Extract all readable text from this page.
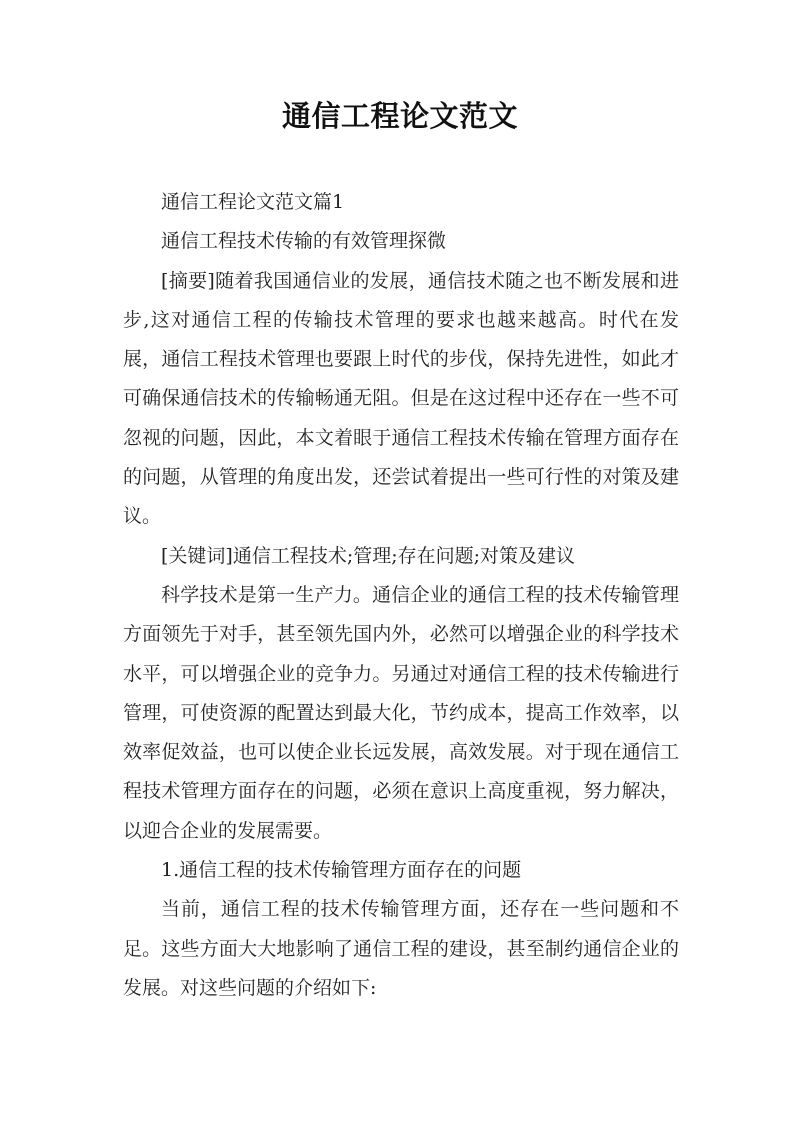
通信工程论文范文

通信工程论文范文篇1

通信工程技术传输的有效管理探微

[摘要]随着我国通信业的发展，通信技术随之也不断发展和进步,这对通信工程的传输技术管理的要求也越来越高。时代在发展，通信工程技术管理也要跟上时代的步伐，保持先进性，如此才可确保通信技术的传输畅通无阻。但是在这过程中还存在一些不可忽视的问题，因此，本文着眼于通信工程技术传输在管理方面存在的问题，从管理的角度出发，还尝试着提出一些可行性的对策及建议。

[关键词]通信工程技术;管理;存在问题;对策及建议

科学技术是第一生产力。通信企业的通信工程的技术传输管理方面领先于对手，甚至领先国内外，必然可以增强企业的科学技术水平，可以增强企业的竞争力。另通过对通信工程的技术传输进行管理，可使资源的配置达到最大化，节约成本，提高工作效率，以效率促效益，也可以使企业长远发展，高效发展。对于现在通信工程技术管理方面存在的问题，必须在意识上高度重视，努力解决，以迎合企业的发展需要。

1.通信工程的技术传输管理方面存在的问题

当前，通信工程的技术传输管理方面，还存在一些问题和不足。这些方面大大地影响了通信工程的建设，甚至制约通信企业的发展。对这些问题的介绍如下:
